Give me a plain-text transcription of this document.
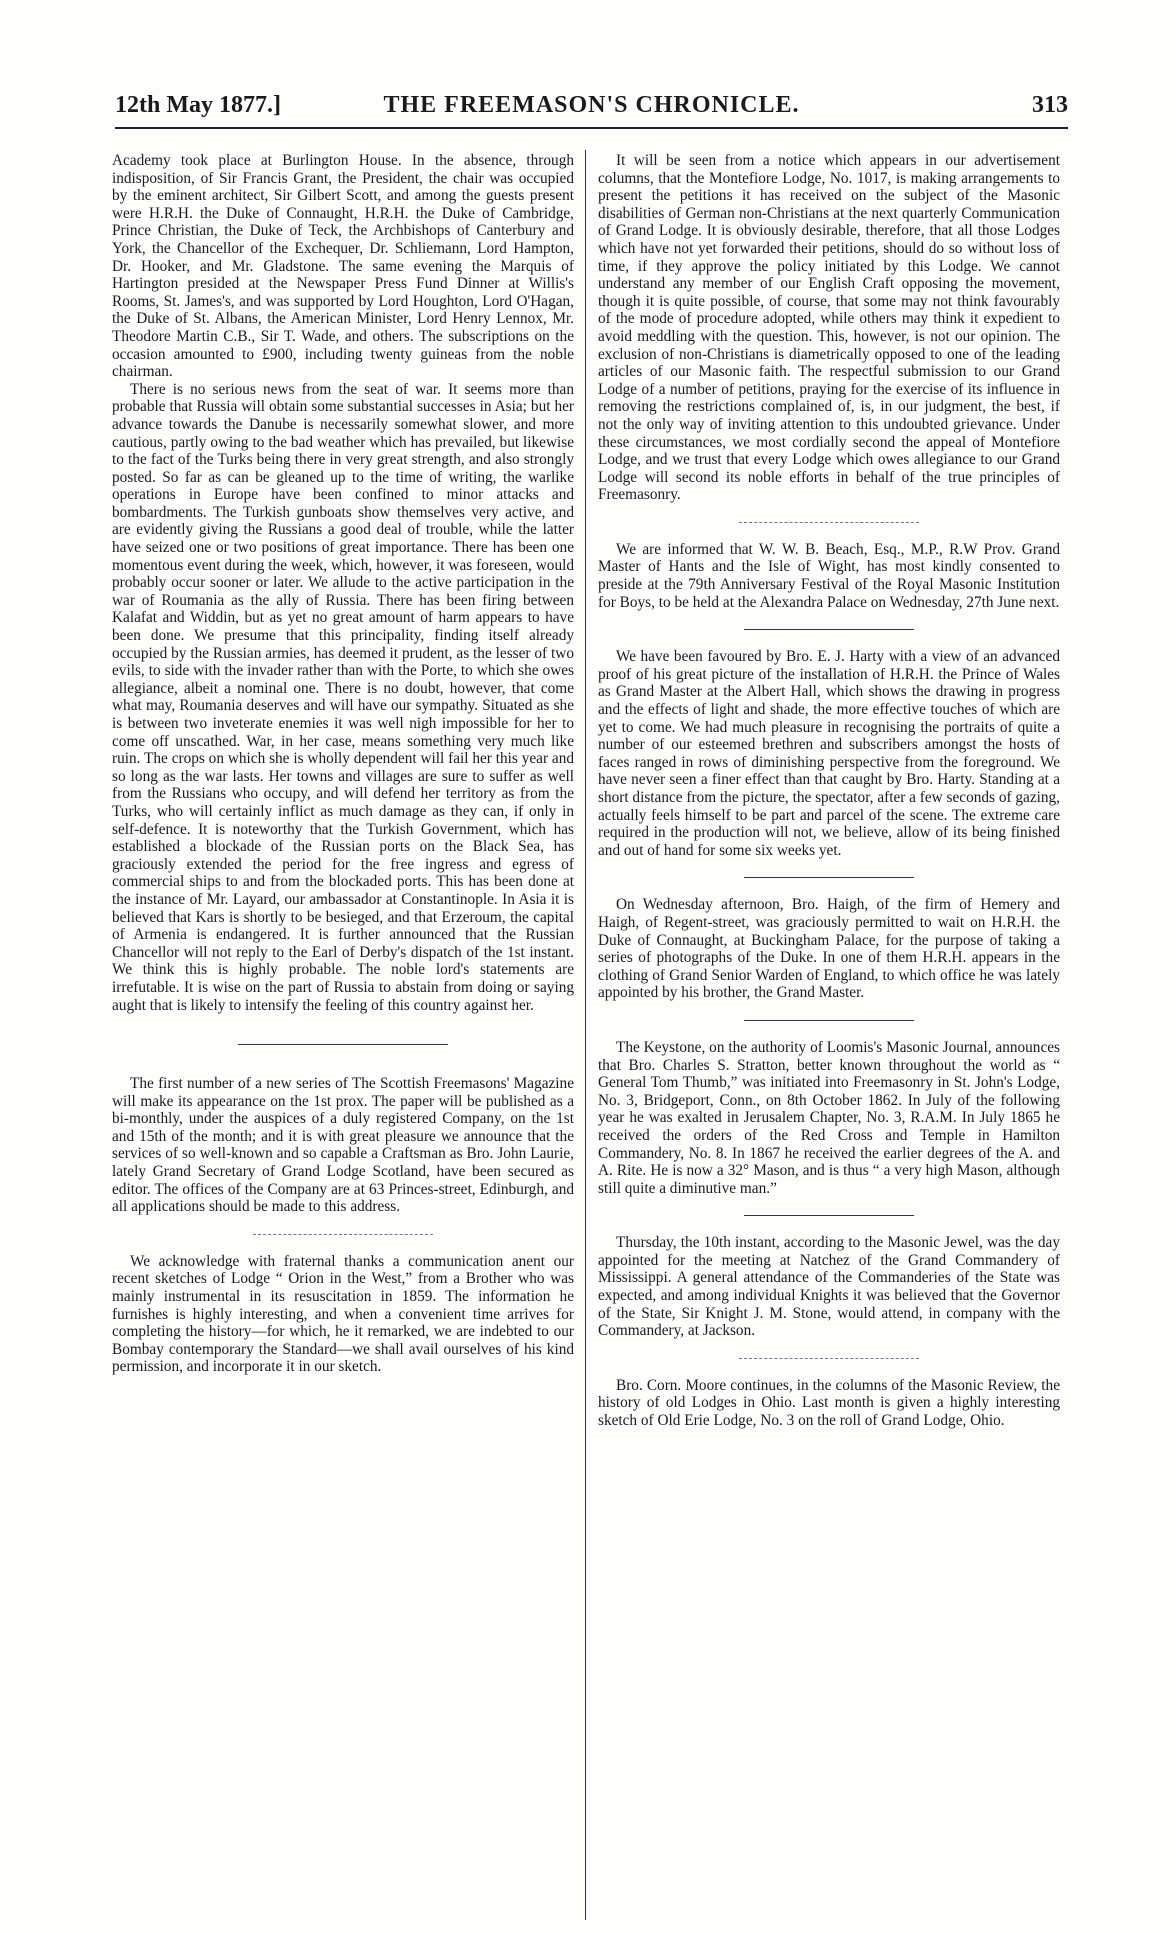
12th May 1877.]	THE FREEMASON'S CHRONICLE.	313

Academy took place at Burlington House. In the absence, through indisposition, of Sir Francis Grant, the President, the chair was occupied by the eminent architect, Sir Gilbert Scott, and among the guests present were H.R.H. the Duke of Connaught, H.R.H. the Duke of Cambridge, Prince Christian, the Duke of Teck, the Archbishops of Canterbury and York, the Chancellor of the Exchequer, Dr. Schliemann, Lord Hampton, Dr. Hooker, and Mr. Gladstone. The same evening the Marquis of Hartington presided at the Newspaper Press Fund Dinner at Willis's Rooms, St. James's, and was supported by Lord Houghton, Lord O'Hagan, the Duke of St. Albans, the American Minister, Lord Henry Lennox, Mr. Theodore Martin C.B., Sir T. Wade, and others. The subscriptions on the occasion amounted to £900, including twenty guineas from the noble chairman.

There is no serious news from the seat of war. It seems more than probable that Russia will obtain some substantial successes in Asia; but her advance towards the Danube is necessarily somewhat slower, and more cautious, partly owing to the bad weather which has prevailed, but likewise to the fact of the Turks being there in very great strength, and also strongly posted. So far as can be gleaned up to the time of writing, the warlike operations in Europe have been confined to minor attacks and bombardments. The Turkish gunboats show themselves very active, and are evidently giving the Russians a good deal of trouble, while the latter have seized one or two positions of great importance. There has been one momentous event during the week, which, however, it was foreseen, would probably occur sooner or later. We allude to the active participation in the war of Roumania as the ally of Russia. There has been firing between Kalafat and Widdin, but as yet no great amount of harm appears to have been done. We presume that this principality, finding itself already occupied by the Russian armies, has deemed it prudent, as the lesser of two evils, to side with the invader rather than with the Porte, to which she owes allegiance, albeit a nominal one. There is no doubt, however, that come what may, Roumania deserves and will have our sympathy. Situated as she is between two inveterate enemies it was well nigh impossible for her to come off unscathed. War, in her case, means something very much like ruin. The crops on which she is wholly dependent will fail her this year and so long as the war lasts. Her towns and villages are sure to suffer as well from the Russians who occupy, and will defend her territory as from the Turks, who will certainly inflict as much damage as they can, if only in self-defence. It is noteworthy that the Turkish Government, which has established a blockade of the Russian ports on the Black Sea, has graciously extended the period for the free ingress and egress of commercial ships to and from the blockaded ports. This has been done at the instance of Mr. Layard, our ambassador at Constantinople. In Asia it is believed that Kars is shortly to be besieged, and that Erzeroum, the capital of Armenia is endangered. It is further announced that the Russian Chancellor will not reply to the Earl of Derby's dispatch of the 1st instant. We think this is highly probable. The noble lord's statements are irrefutable. It is wise on the part of Russia to abstain from doing or saying aught that is likely to intensify the feeling of this country against her.

The first number of a new series of The Scottish Freemasons' Magazine will make its appearance on the 1st prox. The paper will be published as a bi-monthly, under the auspices of a duly registered Company, on the 1st and 15th of the month; and it is with great pleasure we announce that the services of so well-known and so capable a Craftsman as Bro. John Laurie, lately Grand Secretary of Grand Lodge Scotland, have been secured as editor. The offices of the Company are at 63 Princes-street, Edinburgh, and all applications should be made to this address.

We acknowledge with fraternal thanks a communication anent our recent sketches of Lodge “ Orion in the West,” from a Brother who was mainly instrumental in its resuscitation in 1859. The information he furnishes is highly interesting, and when a convenient time arrives for completing the history—for which, he it remarked, we are indebted to our Bombay contemporary the Standard—we shall avail ourselves of his kind permission, and incorporate it in our sketch.

It will be seen from a notice which appears in our advertisement columns, that the Montefiore Lodge, No. 1017, is making arrangements to present the petitions it has received on the subject of the Masonic disabilities of German non-Christians at the next quarterly Communication of Grand Lodge. It is obviously desirable, therefore, that all those Lodges which have not yet forwarded their petitions, should do so without loss of time, if they approve the policy initiated by this Lodge. We cannot understand any member of our English Craft opposing the movement, though it is quite possible, of course, that some may not think favourably of the mode of procedure adopted, while others may think it expedient to avoid meddling with the question. This, however, is not our opinion. The exclusion of non-Christians is diametrically opposed to one of the leading articles of our Masonic faith. The respectful submission to our Grand Lodge of a number of petitions, praying for the exercise of its influence in removing the restrictions complained of, is, in our judgment, the best, if not the only way of inviting attention to this undoubted grievance. Under these circumstances, we most cordially second the appeal of Montefiore Lodge, and we trust that every Lodge which owes allegiance to our Grand Lodge will second its noble efforts in behalf of the true principles of Freemasonry.

We are informed that W. W. B. Beach, Esq., M.P., R.W Prov. Grand Master of Hants and the Isle of Wight, has most kindly consented to preside at the 79th Anniversary Festival of the Royal Masonic Institution for Boys, to be held at the Alexandra Palace on Wednesday, 27th June next.

We have been favoured by Bro. E. J. Harty with a view of an advanced proof of his great picture of the installation of H.R.H. the Prince of Wales as Grand Master at the Albert Hall, which shows the drawing in progress and the effects of light and shade, the more effective touches of which are yet to come. We had much pleasure in recognising the portraits of quite a number of our esteemed brethren and subscribers amongst the hosts of faces ranged in rows of diminishing perspective from the foreground. We have never seen a finer effect than that caught by Bro. Harty. Standing at a short distance from the picture, the spectator, after a few seconds of gazing, actually feels himself to be part and parcel of the scene. The extreme care required in the production will not, we believe, allow of its being finished and out of hand for some six weeks yet.

On Wednesday afternoon, Bro. Haigh, of the firm of Hemery and Haigh, of Regent-street, was graciously permitted to wait on H.R.H. the Duke of Connaught, at Buckingham Palace, for the purpose of taking a series of photographs of the Duke. In one of them H.R.H. appears in the clothing of Grand Senior Warden of England, to which office he was lately appointed by his brother, the Grand Master.

The Keystone, on the authority of Loomis's Masonic Journal, announces that Bro. Charles S. Stratton, better known throughout the world as “ General Tom Thumb,” was initiated into Freemasonry in St. John's Lodge, No. 3, Bridgeport, Conn., on 8th October 1862. In July of the following year he was exalted in Jerusalem Chapter, No. 3, R.A.M. In July 1865 he received the orders of the Red Cross and Temple in Hamilton Commandery, No. 8. In 1867 he received the earlier degrees of the A. and A. Rite. He is now a 32° Mason, and is thus “ a very high Mason, although still quite a diminutive man.”

Thursday, the 10th instant, according to the Masonic Jewel, was the day appointed for the meeting at Natchez of the Grand Commandery of Mississippi. A general attendance of the Commanderies of the State was expected, and among individual Knights it was believed that the Governor of the State, Sir Knight J. M. Stone, would attend, in company with the Commandery, at Jackson.

Bro. Corn. Moore continues, in the columns of the Masonic Review, the history of old Lodges in Ohio. Last month is given a highly interesting sketch of Old Erie Lodge, No. 3 on the roll of Grand Lodge, Ohio.
